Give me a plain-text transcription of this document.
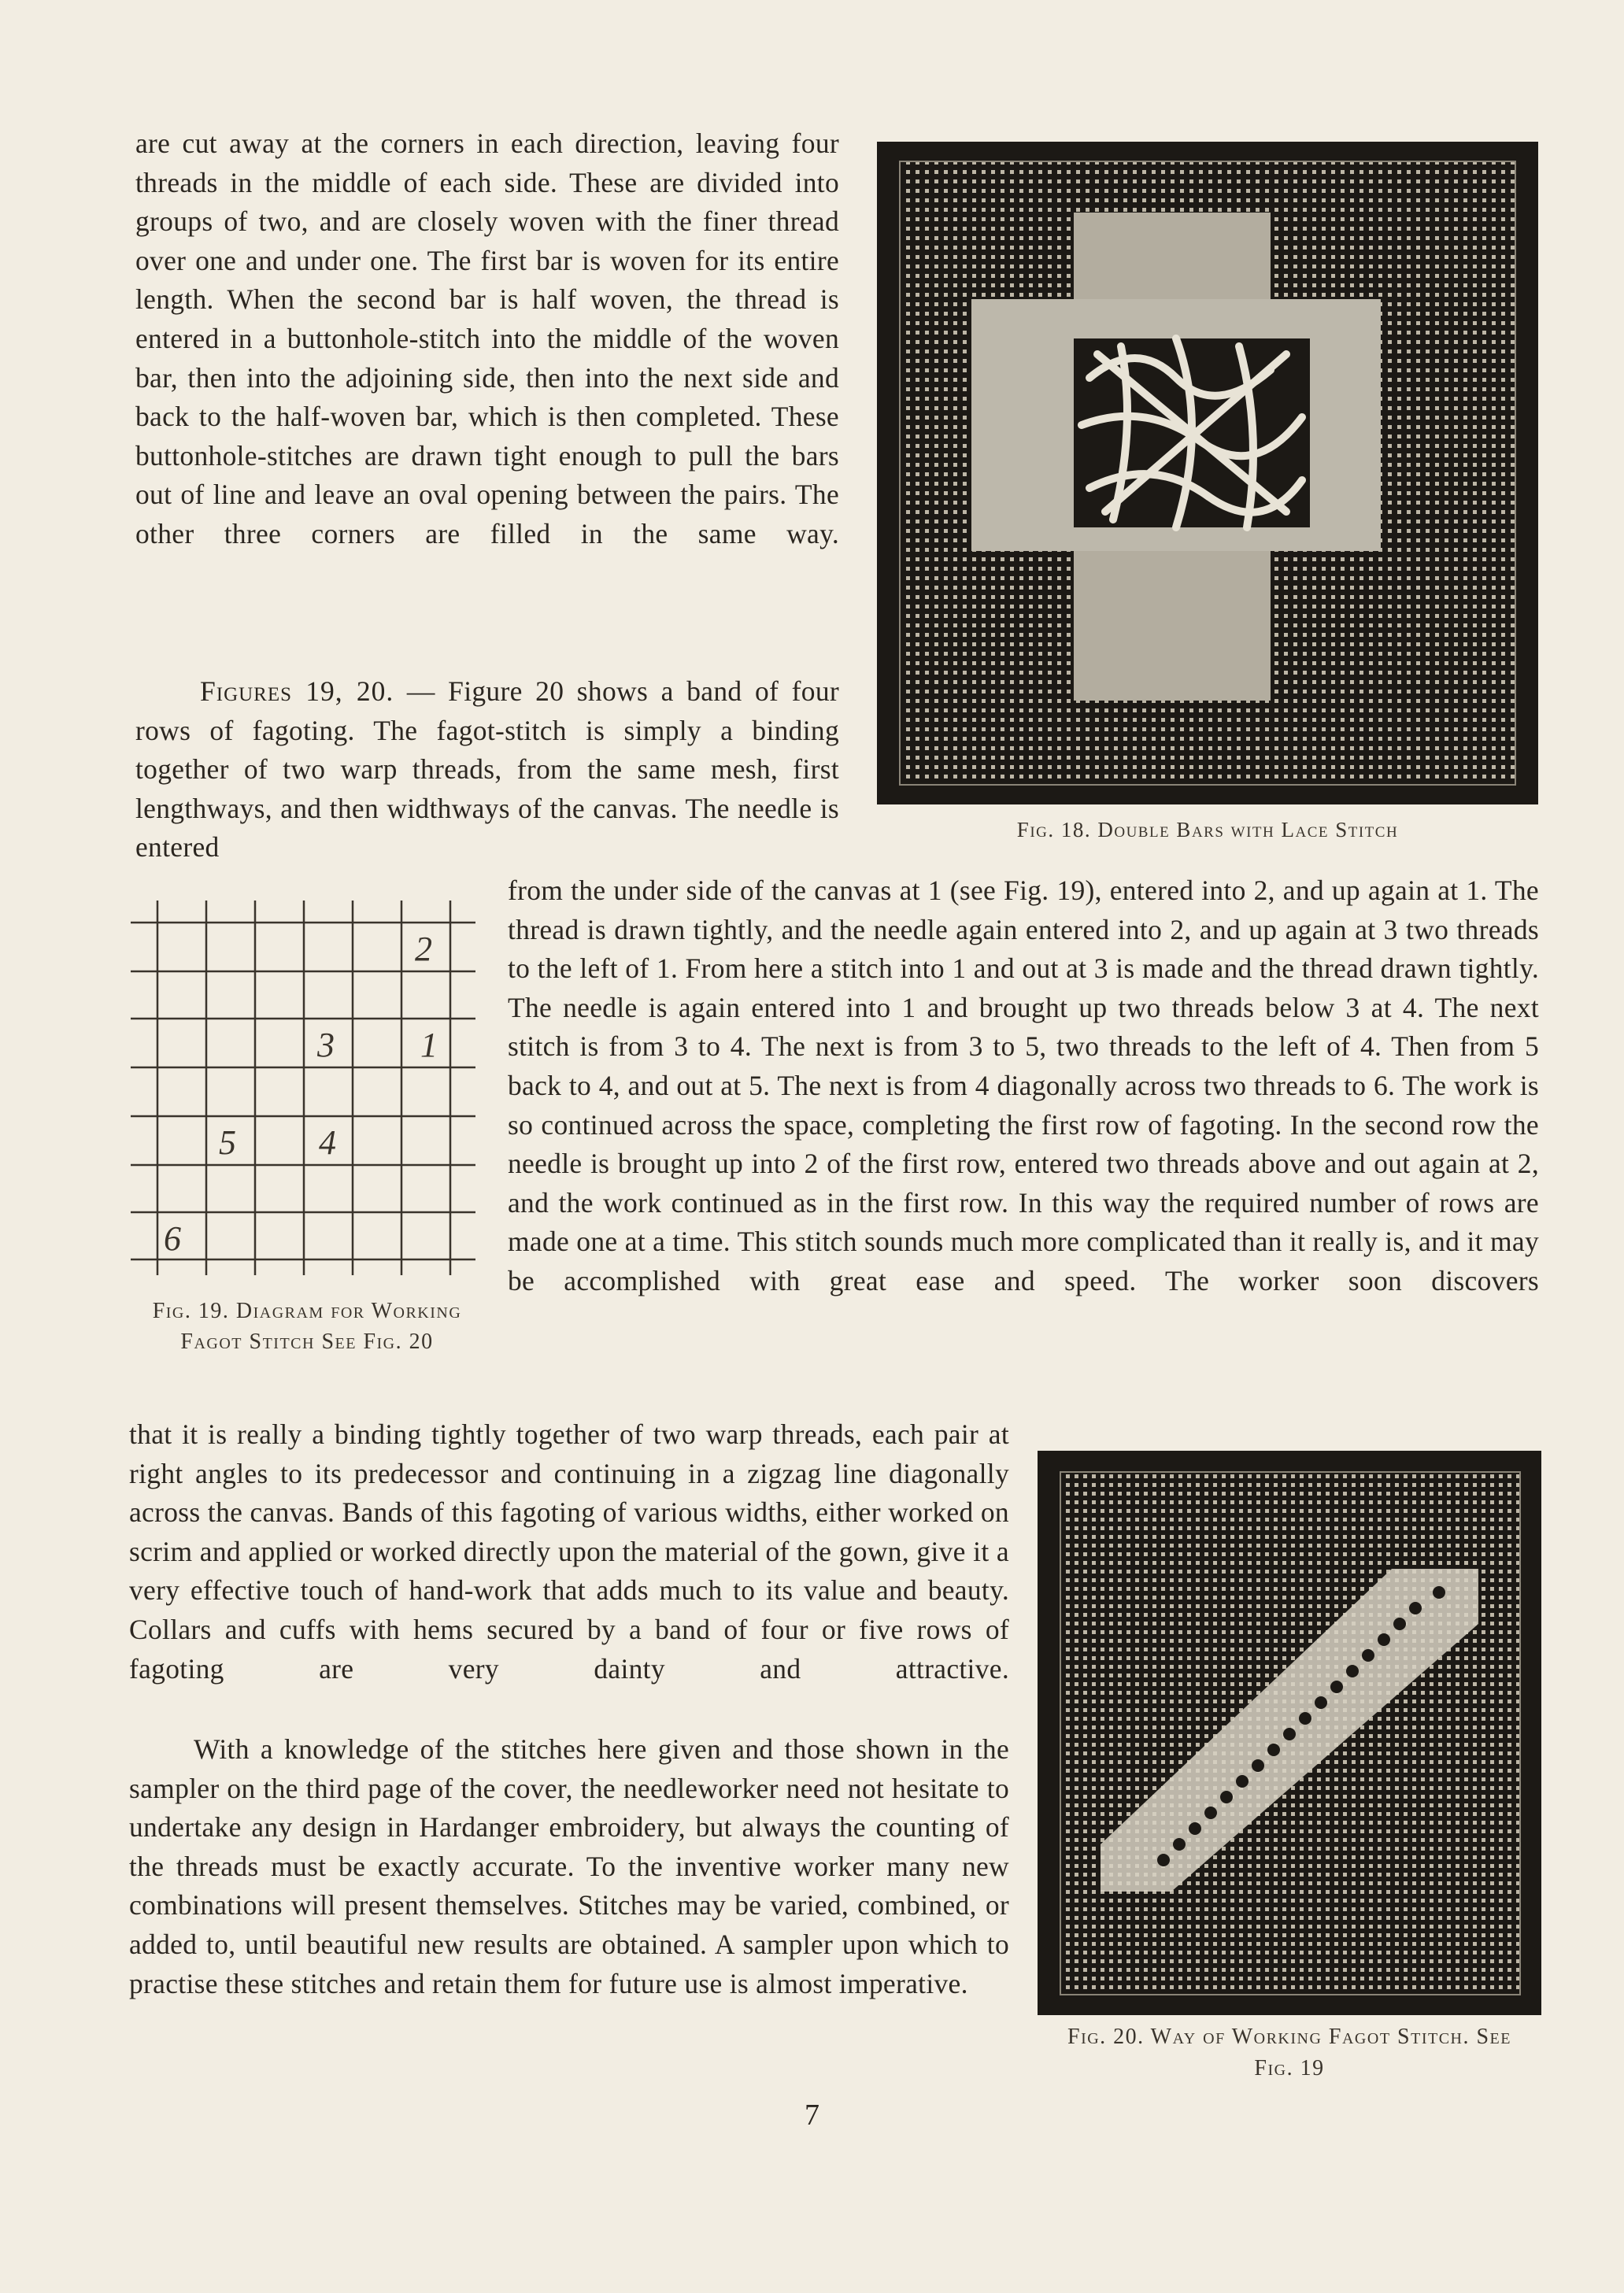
are cut away at the corners in each direction, leaving four threads in the middle of each side. These are divided into groups of two, and are closely woven with the finer thread over one and under one. The first bar is woven for its entire length. When the second bar is half woven, the thread is entered in a buttonhole-stitch into the middle of the woven bar, then into the adjoining side, then into the next side and back to the half-woven bar, which is then completed. These buttonhole-stitches are drawn tight enough to pull the bars out of line and leave an oval opening between the pairs. The other three corners are filled in the same way.

Figures 19, 20. — Figure 20 shows a band of four rows of fagoting. The fagot-stitch is simply a binding together of two warp threads, from the same mesh, first lengthways, and then widthways of the canvas. The needle is entered

Fig. 18. Double Bars with Lace Stitch

2
1
3
4
5
6

Fig. 19. Diagram for Working Fagot Stitch See Fig. 20

from the under side of the canvas at 1 (see Fig. 19), entered into 2, and up again at 1. The thread is drawn tightly, and the needle again entered into 2, and up again at 3 two threads to the left of 1. From here a stitch into 1 and out at 3 is made and the thread drawn tightly. The needle is again entered into 1 and brought up two threads below 3 at 4. The next stitch is from 3 to 4. The next is from 3 to 5, two threads to the left of 4. Then from 5 back to 4, and out at 5. The next is from 4 diagonally across two threads to 6. The work is so continued across the space, completing the first row of fagoting. In the second row the needle is brought up into 2 of the first row, entered two threads above and out again at 2, and the work continued as in the first row. In this way the required number of rows are made one at a time. This stitch sounds much more complicated than it really is, and it may be accomplished with great ease and speed. The worker soon discovers

that it is really a binding tightly together of two warp threads, each pair at right angles to its predecessor and continuing in a zigzag line diagonally across the canvas. Bands of this fagoting of various widths, either worked on scrim and applied or worked directly upon the material of the gown, give it a very effective touch of hand-work that adds much to its value and beauty. Collars and cuffs with hems secured by a band of four or five rows of fagoting are very dainty and attractive.

With a knowledge of the stitches here given and those shown in the sampler on the third page of the cover, the needleworker need not hesitate to undertake any design in Hardanger embroidery, but always the counting of the threads must be exactly accurate. To the inventive worker many new combinations will present themselves. Stitches may be varied, combined, or added to, until beautiful new results are obtained. A sampler upon which to practise these stitches and retain them for future use is almost imperative.

Fig. 20. Way of Working Fagot Stitch. See Fig. 19

7
